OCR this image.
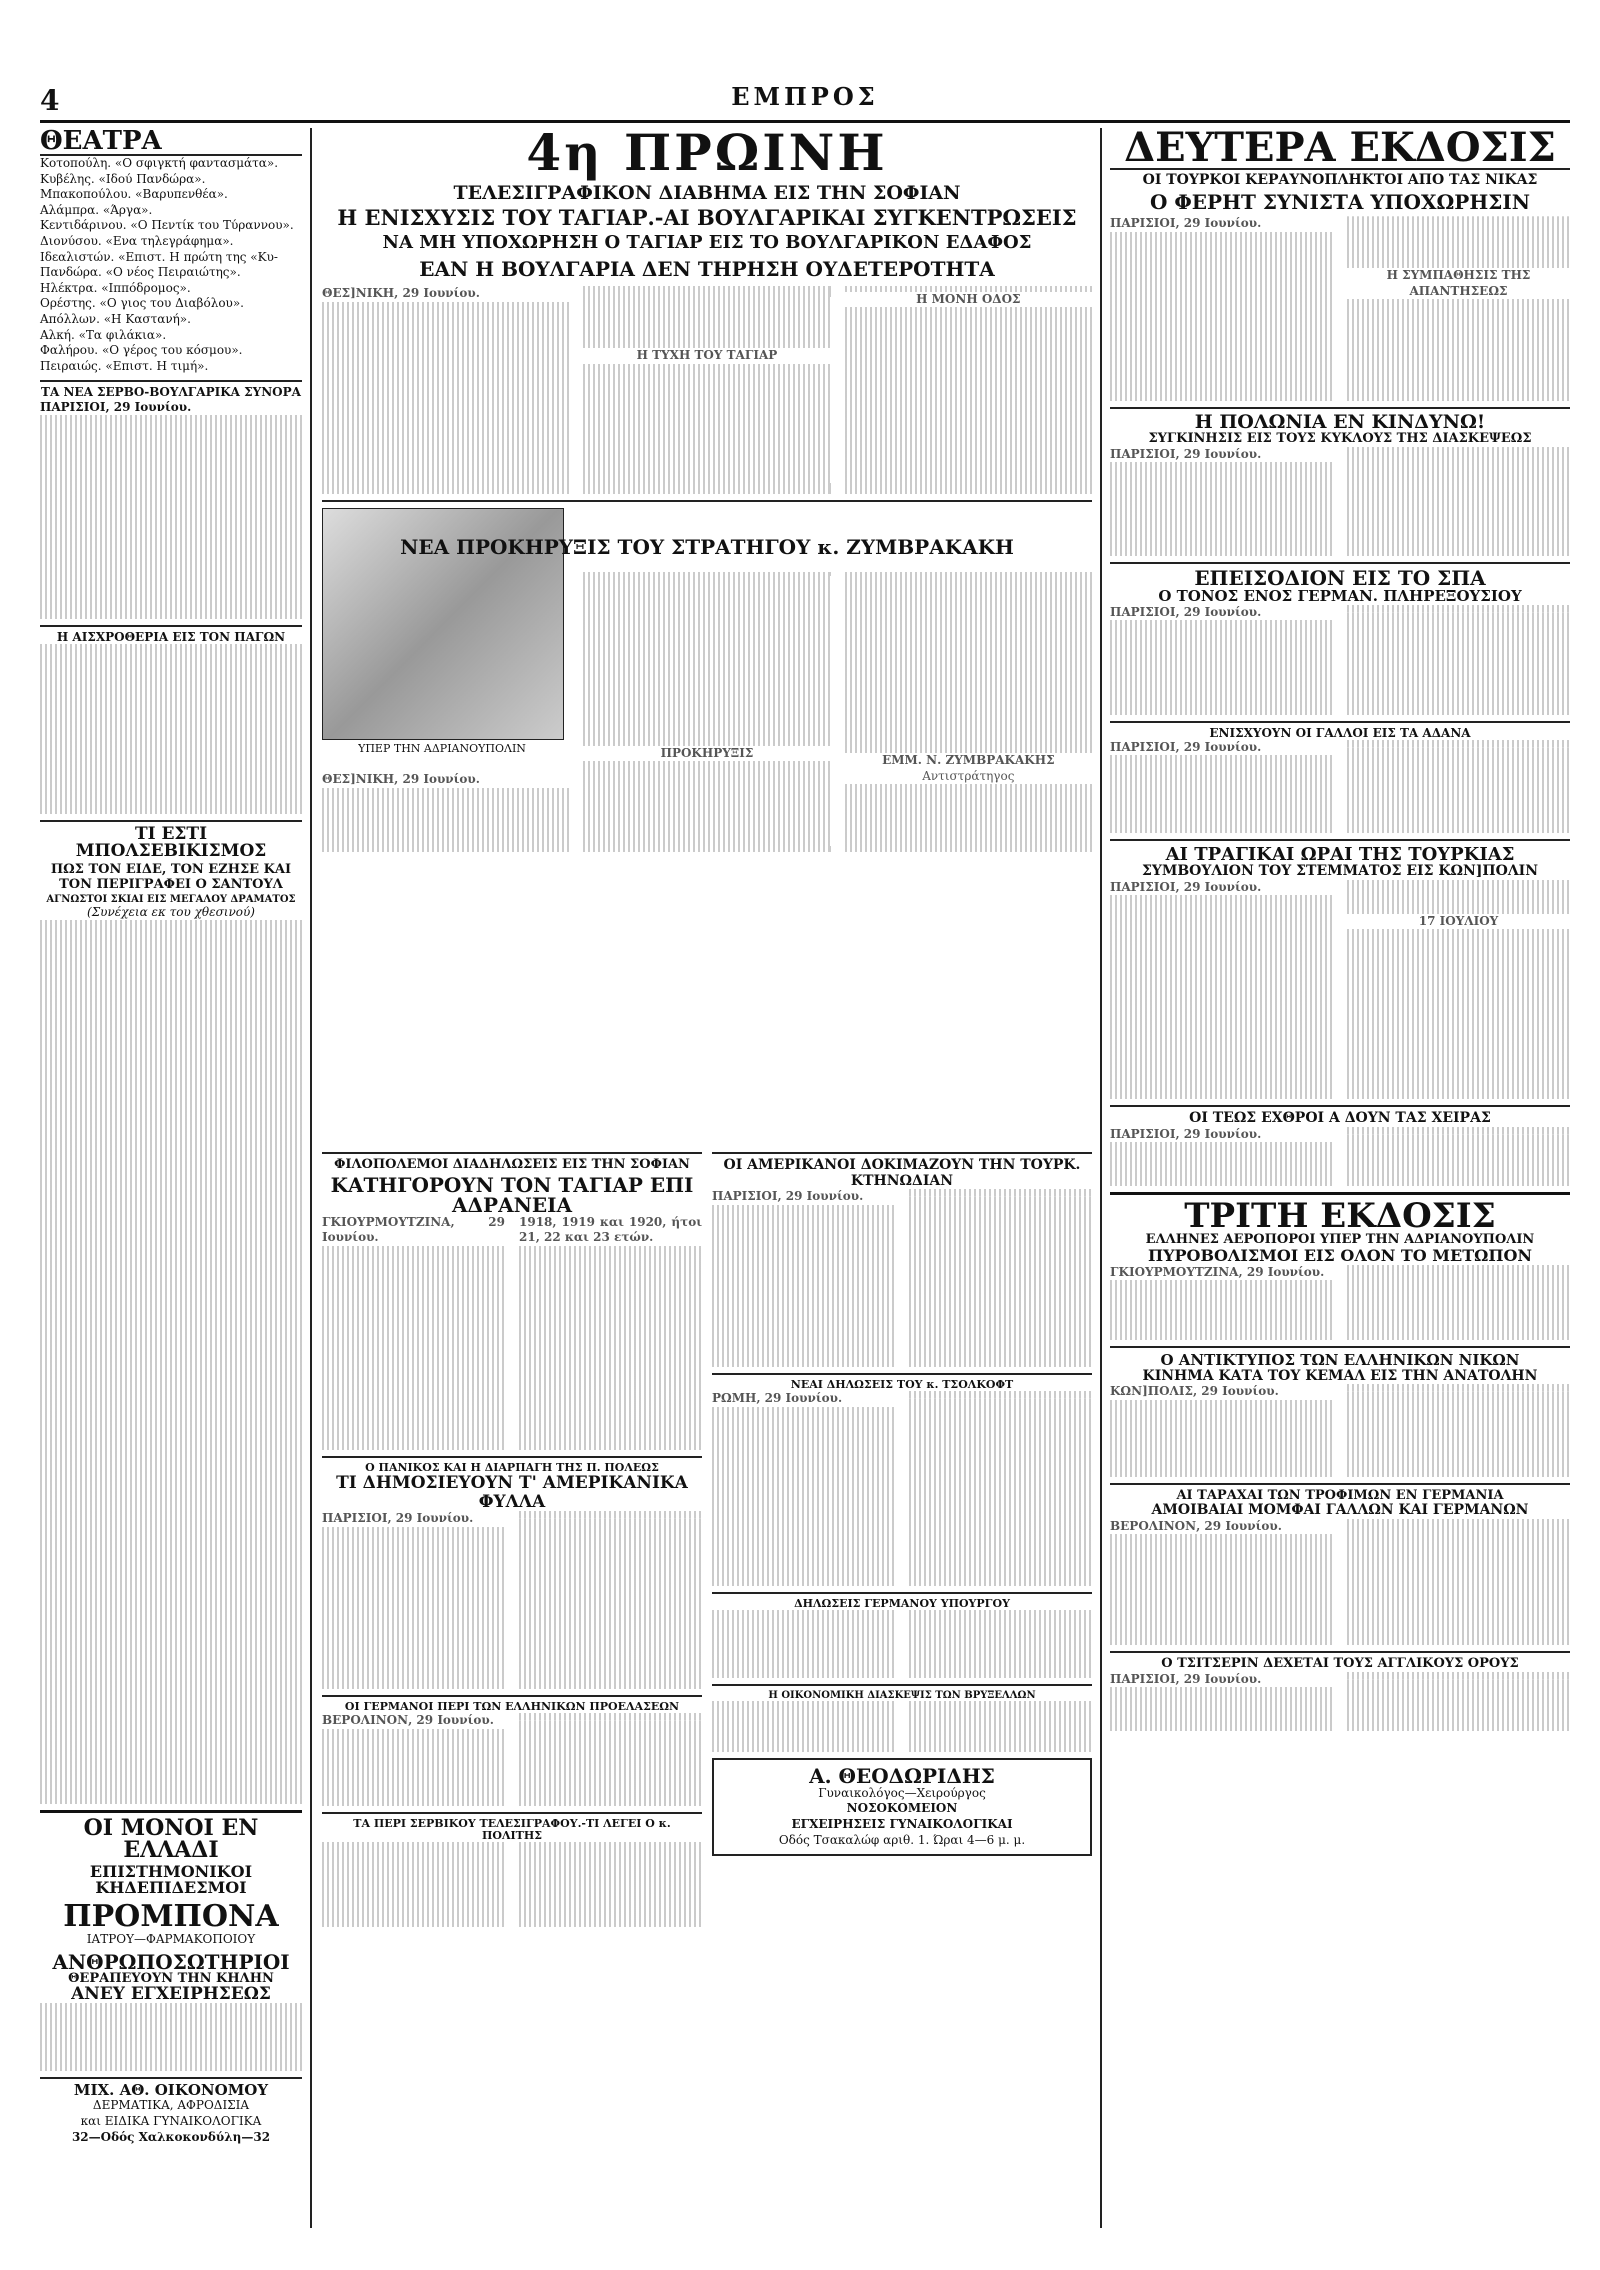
4	ΕΜΠΡΟΣ
ΘΕΑΤΡΑ
Κοτοπούλη. «Ο σφιγκτή φαντασμάτα».
Κυβέλης. «Ιδού Πανδώρα».
Μπακοπούλου. «Βαρυπενθέα».
Αλάμπρα. «Άργα».
Κεντιδάρινου. «Ο Πεντίκ του Τύραννου».
Διονύσου. «Ενα τηλεγράφημα».
Ιδεαλιστών. «Επιστ. Η πρώτη της «Κυ-
Πανδώρα. «Ο νέος Πειραιώτης».
Ηλέκτρα. «Ιππόδρομος».
Ορέστης. «Ο γιος του Διαβόλου».
Απόλλων. «Η Καστανή».
Αλκή. «Τα φιλάκια».
Φαλήρου. «Ο γέρος του κόσμου».
Πειραιώς. «Επιστ. Η τιμή».
ΤΑ ΝΕΑ ΣΕΡΒΟ-ΒΟΥΛΓΑΡΙΚΑ ΣΥΝΟΡΑ
ΠΑΡΙΣΙΟΙ, 29 Ιουνίου.
Η ΑΙΣΧΡΟΘΕΡΙΑ ΕΙΣ ΤΟΝ ΠΑΓΩΝ
ΤΙ ΕΣΤΙ ΜΠΟΛΣΕΒΙΚΙΣΜΟΣ
ΠΩΣ ΤΟΝ ΕΙΔΕ, ΤΟΝ ΕΖΗΣΕ ΚΑΙ ΤΟΝ ΠΕΡΙΓΡΑΦΕΙ Ο ΣΑΝΤΟΥΛ
ΑΓΝΩΣΤΟΙ ΣΚΙΑΙ ΕΙΣ ΜΕΓΑΛΟΥ ΔΡΑΜΑΤΟΣ
(Συνέχεια εκ του χθεσινού)
ΟΙ ΜΟΝΟΙ ΕΝ ΕΛΛΑΔΙ
ΕΠΙΣΤΗΜΟΝΙΚΟΙ ΚΗΔΕΠΙΔΕΣΜΟΙ
ΠΡΟΜΠΟΝΑ
ΙΑΤΡΟΥ—ΦΑΡΜΑΚΟΠΟΙΟΥ
ΑΝΘΡΩΠΟΣΩΤΗΡΙΟΙ
ΘΕΡΑΠΕΥΟΥΝ ΤΗΝ ΚΗΛΗΝ
ΑΝΕΥ ΕΓΧΕΙΡΗΣΕΩΣ
ΜΙΧ. ΑΘ. ΟΙΚΟΝΟΜΟΥ
ΔΕΡΜΑΤΙΚΑ, ΑΦΡΟΔΙΣΙΑ
και ΕΙΔΙΚΑ ΓΥΝΑΙΚΟΛΟΓΙΚΑ
32—Οδός Χαλκοκονδύλη—32
4η ΠΡΩΙΝΗ
ΤΕΛΕΣΙΓΡΑΦΙΚΟΝ ΔΙΑΒΗΜΑ ΕΙΣ ΤΗΝ ΣΟΦΙΑΝ
Η ΕΝΙΣΧΥΣΙΣ ΤΟΥ ΤΑΓΙΑΡ.-ΑΙ ΒΟΥΛΓΑΡΙΚΑΙ ΣΥΓΚΕΝΤΡΩΣΕΙΣ
ΝΑ ΜΗ ΥΠΟΧΩΡΗΣΗ Ο ΤΑΓΙΑΡ ΕΙΣ ΤΟ ΒΟΥΛΓΑΡΙΚΟΝ ΕΔΑΦΟΣ
ΕΑΝ Η ΒΟΥΛΓΑΡΙΑ ΔΕΝ ΤΗΡΗΣΗ ΟΥΔΕΤΕΡΟΤΗΤΑ
ΘΕΣ]ΝΙΚΗ, 29 Ιουνίου.
Η ΤΥΧΗ ΤΟΥ ΤΑΓΙΑΡ
Η ΜΟΝΗ ΟΔΟΣ
ΥΠΕΡ ΤΗΝ ΑΔΡΙΑΝΟΥΠΟΛΙΝ
ΝΕΑ ΠΡΟΚΗΡΥΞΙΣ ΤΟΥ ΣΤΡΑΤΗΓΟΥ κ. ΖΥΜΒΡΑΚΑΚΗ
ΘΕΣ]ΝΙΚΗ, 29 Ιουνίου.
ΠΡΟΚΗΡΥΞΙΣ
ΕΜΜ. Ν. ΖΥΜΒΡΑΚΑΚΗΣ
Αντιστράτηγος
ΦΙΛΟΠΟΛΕΜΟΙ ΔΙΑΔΗΛΩΣΕΙΣ ΕΙΣ ΤΗΝ ΣΟΦΙΑΝ
ΚΑΤΗΓΟΡΟΥΝ ΤΟΝ ΤΑΓΙΑΡ ΕΠΙ ΑΔΡΑΝΕΙΑ
ΓΚΙΟΥΡΜΟΥΤΖΙΝΑ, 29 Ιουνίου.
1918, 1919 και 1920, ήτοι 21, 22 και 23 ετών.
Ο ΠΑΝΙΚΟΣ ΚΑΙ Η ΔΙΑΡΠΑΓΗ ΤΗΣ Π. ΠΟΛΕΩΣ
ΤΙ ΔΗΜΟΣΙΕΥΟΥΝ Τ' ΑΜΕΡΙΚΑΝΙΚΑ ΦΥΛΛΑ
ΠΑΡΙΣΙΟΙ, 29 Ιουνίου.
ΟΙ ΓΕΡΜΑΝΟΙ ΠΕΡΙ ΤΩΝ ΕΛΛΗΝΙΚΩΝ ΠΡΟΕΛΑΣΕΩΝ
ΒΕΡΟΛΙΝΟΝ, 29 Ιουνίου.
ΤΑ ΠΕΡΙ ΣΕΡΒΙΚΟΥ ΤΕΛΕΣΙΓΡΑΦΟΥ.-ΤΙ ΛΕΓΕΙ Ο κ. ΠΟΛΙΤΗΣ
ΟΙ ΑΜΕΡΙΚΑΝΟΙ ΔΟΚΙΜΑΖΟΥΝ ΤΗΝ ΤΟΥΡΚ. ΚΤΗΝΩΔΙΑΝ
ΠΑΡΙΣΙΟΙ, 29 Ιουνίου.
ΝΕΑΙ ΔΗΛΩΣΕΙΣ ΤΟΥ κ. ΤΣΟΛΚΟΦΤ
ΡΩΜΗ, 29 Ιουνίου.
ΔΗΛΩΣΕΙΣ ΓΕΡΜΑΝΟΥ ΥΠΟΥΡΓΟΥ
Η ΟΙΚΟΝΟΜΙΚΗ ΔΙΑΣΚΕΨΙΣ ΤΩΝ ΒΡΥΞΕΛΛΩΝ
Α. ΘΕΟΔΩΡΙΔΗΣ
Γυναικολόγος—Χειρούργος
ΝΟΣΟΚΟΜΕΙΟΝ
ΕΓΧΕΙΡΗΣΕΙΣ ΓΥΝΑΙΚΟΛΟΓΙΚΑΙ
Οδός Τσακαλώφ αριθ. 1. Ώραι 4—6 μ. μ.
ΔΕΥΤΕΡΑ ΕΚΔΟΣΙΣ
ΟΙ ΤΟΥΡΚΟΙ ΚΕΡΑΥΝΟΠΛΗΚΤΟΙ ΑΠΟ ΤΑΣ ΝΙΚΑΣ
Ο ΦΕΡΗΤ ΣΥΝΙΣΤΑ ΥΠΟΧΩΡΗΣΙΝ
ΠΑΡΙΣΙΟΙ, 29 Ιουνίου.
Η ΣΥΜΠΑΘΗΣΙΣ ΤΗΣ ΑΠΑΝΤΗΣΕΩΣ
Η ΠΟΛΩΝΙΑ ΕΝ ΚΙΝΔΥΝΩ!
ΣΥΓΚΙΝΗΣΙΣ ΕΙΣ ΤΟΥΣ ΚΥΚΛΟΥΣ ΤΗΣ ΔΙΑΣΚΕΨΕΩΣ
ΠΑΡΙΣΙΟΙ, 29 Ιουνίου.
ΕΠΕΙΣΟΔΙΟΝ ΕΙΣ ΤΟ ΣΠΑ
Ο ΤΟΝΟΣ ΕΝΟΣ ΓΕΡΜΑΝ. ΠΛΗΡΕΞΟΥΣΙΟΥ
ΠΑΡΙΣΙΟΙ, 29 Ιουνίου.
ΕΝΙΣΧΥΟΥΝ ΟΙ ΓΑΛΛΟΙ ΕΙΣ ΤΑ ΑΔΑΝΑ
ΠΑΡΙΣΙΟΙ, 29 Ιουνίου.
ΑΙ ΤΡΑΓΙΚΑΙ ΩΡΑΙ ΤΗΣ ΤΟΥΡΚΙΑΣ
ΣΥΜΒΟΥΛΙΟΝ ΤΟΥ ΣΤΕΜΜΑΤΟΣ ΕΙΣ ΚΩΝ]ΠΟΛΙΝ
ΠΑΡΙΣΙΟΙ, 29 Ιουνίου.
17 ΙΟΥΛΙΟΥ
ΟΙ ΤΕΩΣ ΕΧΘΡΟΙ Α ΔΟΥΝ ΤΑΣ ΧΕΙΡΑΣ
ΠΑΡΙΣΙΟΙ, 29 Ιουνίου.
ΤΡΙΤΗ ΕΚΔΟΣΙΣ
ΕΛΛΗΝΕΣ ΑΕΡΟΠΟΡΟΙ ΥΠΕΡ ΤΗΝ ΑΔΡΙΑΝΟΥΠΟΛΙΝ
ΠΥΡΟΒΟΛΙΣΜΟΙ ΕΙΣ ΟΛΟΝ ΤΟ ΜΕΤΩΠΟΝ
ΓΚΙΟΥΡΜΟΥΤΖΙΝΑ, 29 Ιουνίου.
Ο ΑΝΤΙΚΤΥΠΟΣ ΤΩΝ ΕΛΛΗΝΙΚΩΝ ΝΙΚΩΝ
ΚΙΝΗΜΑ ΚΑΤΑ ΤΟΥ ΚΕΜΑΛ ΕΙΣ ΤΗΝ ΑΝΑΤΟΛΗΝ
ΚΩΝ]ΠΟΛΙΣ, 29 Ιουνίου.
ΑΙ ΤΑΡΑΧΑΙ ΤΩΝ ΤΡΟΦΙΜΩΝ ΕΝ ΓΕΡΜΑΝΙΑ
ΑΜΟΙΒΑΙΑΙ ΜΟΜΦΑΙ ΓΑΛΛΩΝ ΚΑΙ ΓΕΡΜΑΝΩΝ
ΒΕΡΟΛΙΝΟΝ, 29 Ιουνίου.
Ο ΤΣΙΤΣΕΡΙΝ ΔΕΧΕΤΑΙ ΤΟΥΣ ΑΓΓΛΙΚΟΥΣ ΟΡΟΥΣ
ΠΑΡΙΣΙΟΙ, 29 Ιουνίου.
